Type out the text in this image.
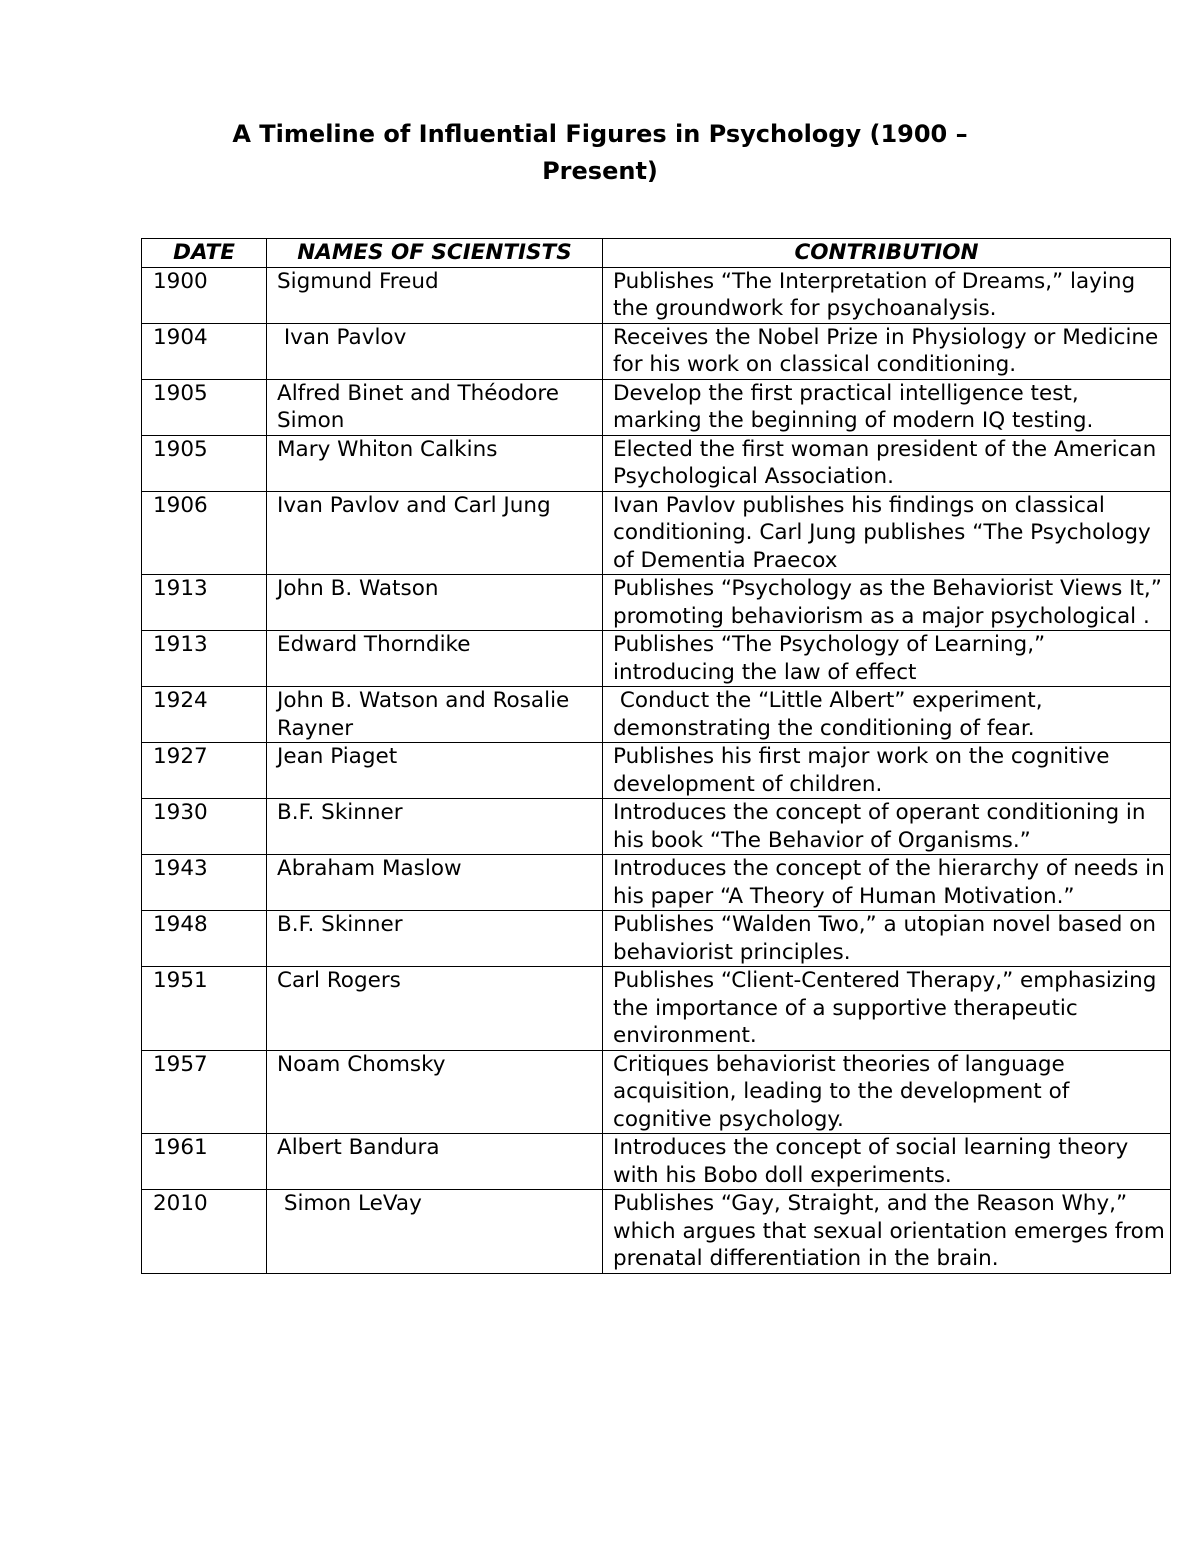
A Timeline of Influential Figures in Psychology (1900 –
Present)
DATE	NAMES OF SCIENTISTS	CONTRIBUTION
1900	Sigmund Freud	Publishes “The Interpretation of Dreams,” laying the groundwork for psychoanalysis.
1904	Ivan Pavlov	Receives the Nobel Prize in Physiology or Medicine for his work on classical conditioning.
1905	Alfred Binet and Théodore Simon	Develop the first practical intelligence test, marking the beginning of modern IQ testing.
1905	Mary Whiton Calkins	Elected the first woman president of the American Psychological Association.
1906	Ivan Pavlov and Carl Jung	Ivan Pavlov publishes his findings on classical conditioning. Carl Jung publishes “The Psychology of Dementia Praecox
1913	John B. Watson	Publishes “Psychology as the Behaviorist Views It,” promoting behaviorism as a major psychological .
1913	Edward Thorndike	Publishes “The Psychology of Learning,” introducing the law of effect
1924	John B. Watson and Rosalie Rayner	Conduct the “Little Albert” experiment, demonstrating the conditioning of fear.
1927	Jean Piaget	Publishes his first major work on the cognitive development of children.
1930	B.F. Skinner	Introduces the concept of operant conditioning in his book “The Behavior of Organisms.”
1943	Abraham Maslow	Introduces the concept of the hierarchy of needs in his paper “A Theory of Human Motivation.”
1948	B.F. Skinner	Publishes “Walden Two,” a utopian novel based on behaviorist principles.
1951	Carl Rogers	Publishes “Client-Centered Therapy,” emphasizing the importance of a supportive therapeutic environment.
1957	Noam Chomsky	Critiques behaviorist theories of language acquisition, leading to the development of cognitive psychology.
1961	Albert Bandura	Introduces the concept of social learning theory with his Bobo doll experiments.
2010	Simon LeVay	Publishes “Gay, Straight, and the Reason Why,” which argues that sexual orientation emerges from prenatal differentiation in the brain.
